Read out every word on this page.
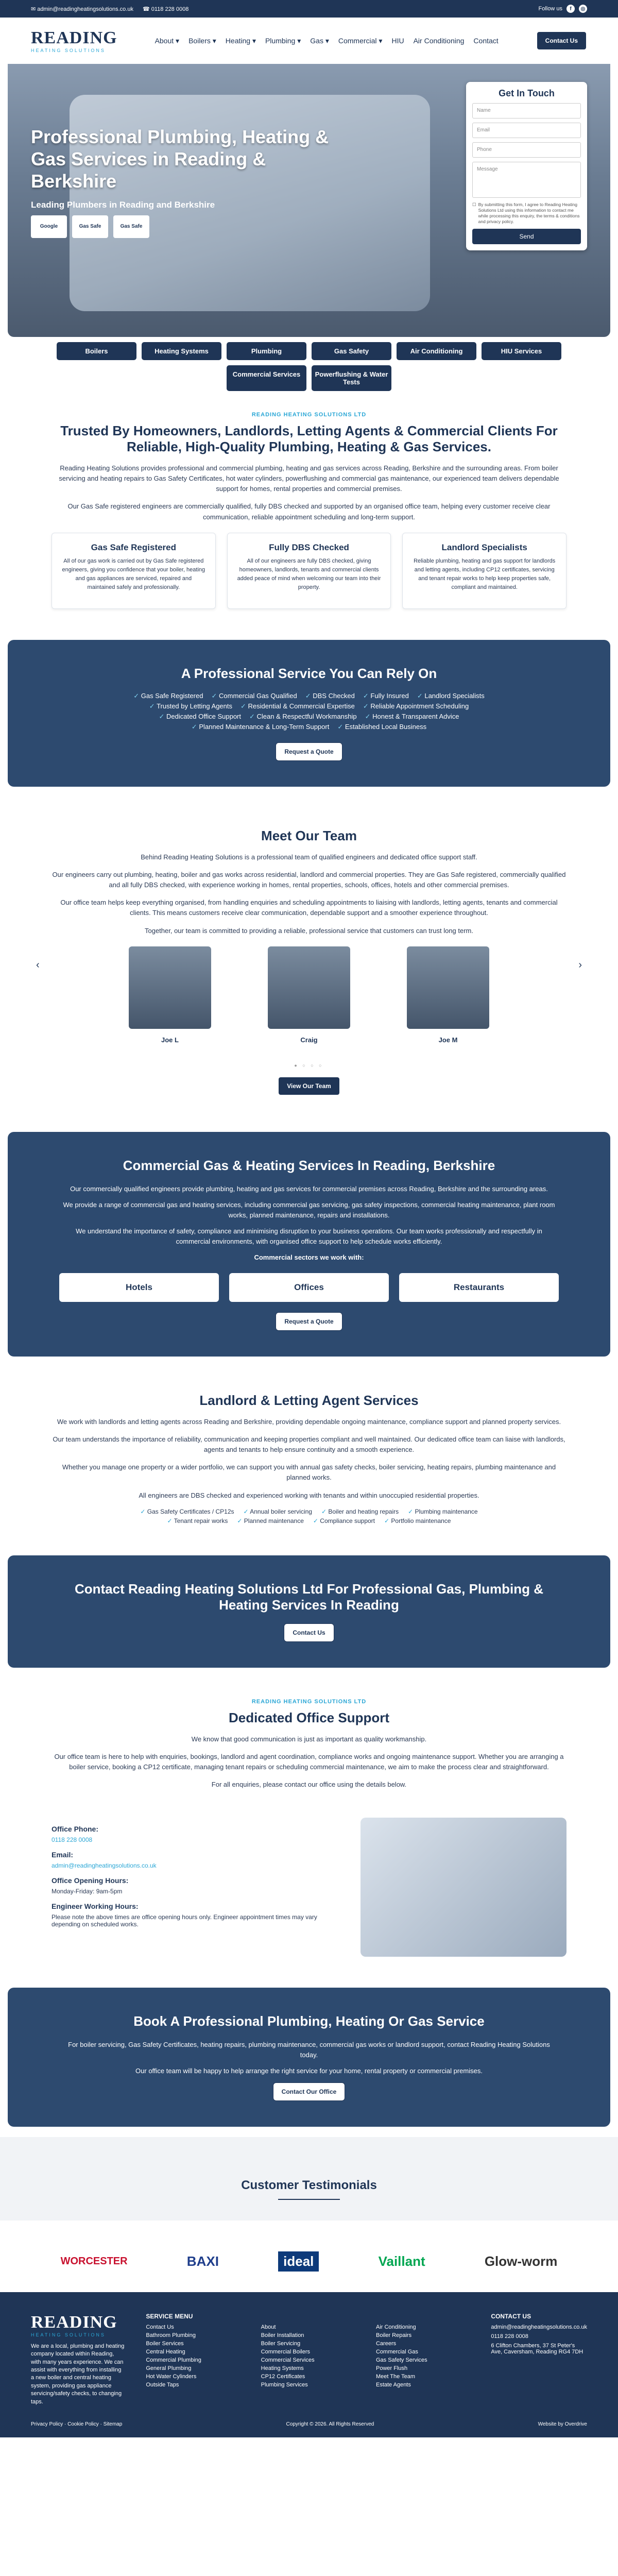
✉ admin@readingheatingsolutions.co.uk ☎ 0118 228 0008	Follow us	f	◎
READING
HEATING SOLUTIONS
About ▾ Boilers ▾ Heating ▾ Plumbing ▾ Gas ▾ Commercial ▾ HIU Air Conditioning Contact	Contact Us
Professional Plumbing, Heating & Gas Services in Reading & Berkshire
Leading Plumbers in Reading and Berkshire
Google	Gas Safe	Gas Safe
Get In Touch
Name
Email
Phone
Message
☐ By submitting this form, I agree to Reading Heating Solutions Ltd using this information to contact me while processing this enquiry, the terms & conditions and privacy policy.
Send
Boilers	Heating Systems	Plumbing	Gas Safety	Air Conditioning	HIU Services
Commercial Services	Powerflushing & Water Tests
READING HEATING SOLUTIONS LTD
Trusted By Homeowners, Landlords, Letting Agents & Commercial Clients For Reliable, High-Quality Plumbing, Heating & Gas Services.

Reading Heating Solutions provides professional and commercial plumbing, heating and gas services across Reading, Berkshire and the surrounding areas. From boiler servicing and heating repairs to Gas Safety Certificates, hot water cylinders, powerflushing and commercial gas maintenance, our experienced team delivers dependable support for homes, rental properties and commercial premises.

Our Gas Safe registered engineers are commercially qualified, fully DBS checked and supported by an organised office team, helping every customer receive clear communication, reliable appointment scheduling and long-term support.

Gas Safe Registered

All of our gas work is carried out by Gas Safe registered engineers, giving you confidence that your boiler, heating and gas appliances are serviced, repaired and maintained safely and professionally.

Fully DBS Checked

All of our engineers are fully DBS checked, giving homeowners, landlords, tenants and commercial clients added peace of mind when welcoming our team into their property.

Landlord Specialists

Reliable plumbing, heating and gas support for landlords and letting agents, including CP12 certificates, servicing and tenant repair works to help keep properties safe, compliant and maintained.

A Professional Service You Can Rely On
✓ Gas Safe Registered	✓ Commercial Gas Qualified	✓ DBS Checked	✓ Fully Insured	✓ Landlord Specialists
✓ Trusted by Letting Agents	✓ Residential & Commercial Expertise	✓ Reliable Appointment Scheduling
✓ Dedicated Office Support	✓ Clean & Respectful Workmanship	✓ Honest & Transparent Advice
✓ Planned Maintenance & Long-Term Support	✓ Established Local Business
Request a Quote
Meet Our Team

Behind Reading Heating Solutions is a professional team of qualified engineers and dedicated office support staff.

Our engineers carry out plumbing, heating, boiler and gas works across residential, landlord and commercial properties. They are Gas Safe registered, commercially qualified and all fully DBS checked, with experience working in homes, rental properties, schools, offices, hotels and other commercial premises.

Our office team helps keep everything organised, from handling enquiries and scheduling appointments to liaising with landlords, letting agents, tenants and commercial clients. This means customers receive clear communication, dependable support and a smoother experience throughout.

Together, our team is committed to providing a reliable, professional service that customers can trust long term.

‹

Joe L	Craig	Joe M

›
● ○ ○ ○
View Our Team
Commercial Gas & Heating Services In Reading, Berkshire

Our commercially qualified engineers provide plumbing, heating and gas services for commercial premises across Reading, Berkshire and the surrounding areas.

We provide a range of commercial gas and heating services, including commercial gas servicing, gas safety inspections, commercial heating maintenance, plant room works, planned maintenance, repairs and installations.

We understand the importance of safety, compliance and minimising disruption to your business operations. Our team works professionally and respectfully in commercial environments, with organised office support to help schedule works efficiently.

Commercial sectors we work with:

Hotels	Offices	Restaurants
Request a Quote
Landlord & Letting Agent Services

We work with landlords and letting agents across Reading and Berkshire, providing dependable ongoing maintenance, compliance support and planned property services.

Our team understands the importance of reliability, communication and keeping properties compliant and well maintained. Our dedicated office team can liaise with landlords, agents and tenants to help ensure continuity and a smooth experience.

Whether you manage one property or a wider portfolio, we can support you with annual gas safety checks, boiler servicing, heating repairs, plumbing maintenance and planned works.

All engineers are DBS checked and experienced working with tenants and within unoccupied residential properties.

✓ Gas Safety Certificates / CP12s	✓ Annual boiler servicing	✓ Boiler and heating repairs	✓ Plumbing maintenance
✓ Tenant repair works	✓ Planned maintenance	✓ Compliance support	✓ Portfolio maintenance
Contact Reading Heating Solutions Ltd For Professional Gas, Plumbing & Heating Services In Reading
Contact Us
READING HEATING SOLUTIONS LTD
Dedicated Office Support

We know that good communication is just as important as quality workmanship.

Our office team is here to help with enquiries, bookings, landlord and agent coordination, compliance works and ongoing maintenance support. Whether you are arranging a boiler service, booking a CP12 certificate, managing tenant repairs or scheduling commercial maintenance, we aim to make the process clear and straightforward.

For all enquiries, please contact our office using the details below.

Office Phone:
0118 228 0008
Email:
admin@readingheatingsolutions.co.uk
Office Opening Hours:

Monday-Friday: 9am-5pm

Engineer Working Hours:

Please note the above times are office opening hours only. Engineer appointment times may vary depending on scheduled works.

Book A Professional Plumbing, Heating Or Gas Service

For boiler servicing, Gas Safety Certificates, heating repairs, plumbing maintenance, commercial gas works or landlord support, contact Reading Heating Solutions today.

Our office team will be happy to help arrange the right service for your home, rental property or commercial premises.

Contact Our Office
Customer Testimonials
WORCESTER	BAXI	ideal	Vaillant	Glow-worm
READING
HEATING SOLUTIONS

We are a local, plumbing and heating company located within Reading, with many years experience. We can assist with everything from installing a new boiler and central heating system, providing gas appliance servicing/safety checks, to changing taps.

SERVICE MENU
Contact Us
Bathroom Plumbing
Boiler Services
Central Heating
Commercial Plumbing
General Plumbing
Hot Water Cylinders
Outside Taps

About
Boiler Installation
Boiler Servicing
Commercial Boilers
Commercial Services
Heating Systems
CP12 Certificates
Plumbing Services

Air Conditioning
Boiler Repairs
Careers
Commercial Gas
Gas Safety Services
Power Flush
Meet The Team
Estate Agents
CONTACT US

admin@readingheatingsolutions.co.uk

0118 228 0008

6 Clifton Chambers, 37 St Peter's Ave, Caversham, Reading RG4 7DH

Privacy Policy · Cookie Policy · Sitemap	Copyright © 2026. All Rights Reserved	Website by Overdrive
